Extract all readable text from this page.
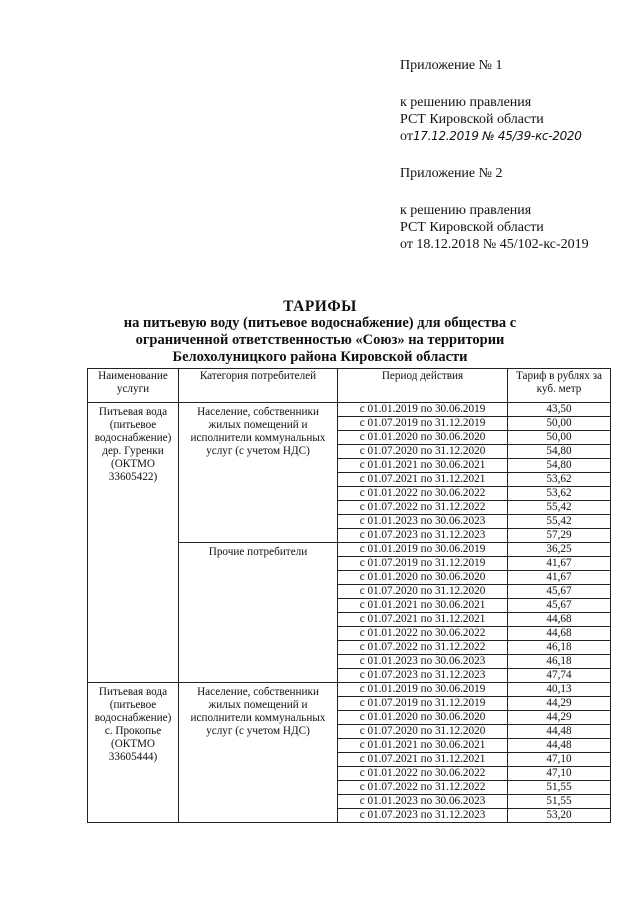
Приложение № 1
к решению правления
РСТ Кировской области
от17.12.2019 № 45/39-кс-2020
Приложение № 2
к решению правления
РСТ Кировской области
от 18.12.2018 № 45/102-кс-2019
ТАРИФЫ
на питьевую воду (питьевое водоснабжение) для общества с
ограниченной ответственностью «Союз» на территории
Белохолуницкого района Кировской области
Наименование услуги	Категория потребителей	Период действия	Тариф в рублях за куб. метр
Питьевая вода (питьевое водоснабжение) дер. Гуренки (ОКТМО 33605422)	Население, собственники жилых помещений и исполнители коммунальных услуг (с учетом НДС)	с 01.01.2019 по 30.06.2019	43,50
		с 01.07.2019 по 31.12.2019	50,00
		с 01.01.2020 по 30.06.2020	50,00
		с 01.07.2020 по 31.12.2020	54,80
		с 01.01.2021 по 30.06.2021	54,80
		с 01.07.2021 по 31.12.2021	53,62
		с 01.01.2022 по 30.06.2022	53,62
		с 01.07.2022 по 31.12.2022	55,42
		с 01.01.2023 по 30.06.2023	55,42
		с 01.07.2023 по 31.12.2023	57,29
	Прочие потребители	с 01.01.2019 по 30.06.2019	36,25
		с 01.07.2019 по 31.12.2019	41,67
		с 01.01.2020 по 30.06.2020	41,67
		с 01.07.2020 по 31.12.2020	45,67
		с 01.01.2021 по 30.06.2021	45,67
		с 01.07.2021 по 31.12.2021	44,68
		с 01.01.2022 по 30.06.2022	44,68
		с 01.07.2022 по 31.12.2022	46,18
		с 01.01.2023 по 30.06.2023	46,18
		с 01.07.2023 по 31.12.2023	47,74
Питьевая вода (питьевое водоснабжение) с. Прокопье (ОКТМО 33605444)	Население, собственники жилых помещений и исполнители коммунальных услуг (с учетом НДС)	с 01.01.2019 по 30.06.2019	40,13
		с 01.07.2019 по 31.12.2019	44,29
		с 01.01.2020 по 30.06.2020	44,29
		с 01.07.2020 по 31.12.2020	44,48
		с 01.01.2021 по 30.06.2021	44,48
		с 01.07.2021 по 31.12.2021	47,10
		с 01.01.2022 по 30.06.2022	47,10
		с 01.07.2022 по 31.12.2022	51,55
		с 01.01.2023 по 30.06.2023	51,55
		с 01.07.2023 по 31.12.2023	53,20
